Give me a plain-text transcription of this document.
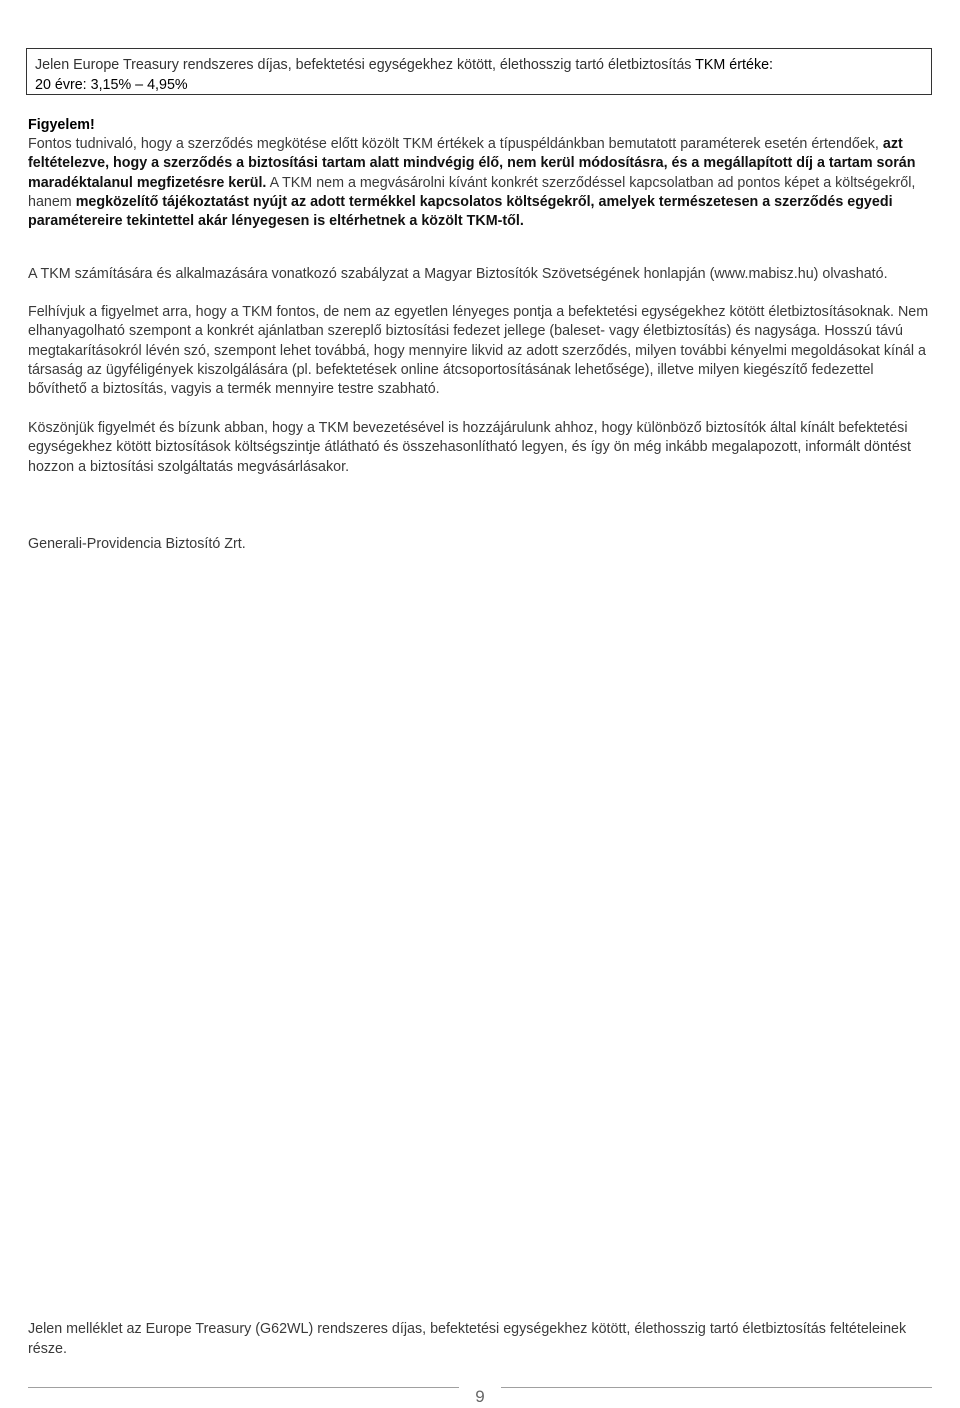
Jelen Europe Treasury rendszeres díjas, befektetési egységekhez kötött, élethosszig tartó életbiztosítás TKM értéke:
20 évre: 3,15% – 4,95%
Figyelem!
Fontos tudnivaló, hogy a szerződés megkötése előtt közölt TKM értékek a típuspéldánkban bemutatott paraméterek esetén értendőek, azt feltételezve, hogy a szerződés a biztosítási tartam alatt mindvégig élő, nem kerül módosításra, és a megállapított díj a tartam során maradéktalanul megfizetésre kerül. A TKM nem a megvásárolni kívánt konkrét szerződéssel kapcsolatban ad pontos képet a költségekről, hanem megközelítő tájékoztatást nyújt az adott termékkel kapcsolatos költségekről, amelyek természetesen a szerződés egyedi paramétereire tekintettel akár lényegesen is eltérhetnek a közölt TKM-től.
A TKM számítására és alkalmazására vonatkozó szabályzat a Magyar Biztosítók Szövetségének honlapján (www.mabisz.hu) olvasható.
Felhívjuk a figyelmet arra, hogy a TKM fontos, de nem az egyetlen lényeges pontja a befektetési egységekhez kötött életbiztosításoknak. Nem elhanyagolható szempont a konkrét ajánlatban szereplő biztosítási fedezet jellege (baleset- vagy életbiztosítás) és nagysága. Hosszú távú megtakarításokról lévén szó, szempont lehet továbbá, hogy mennyire likvid az adott szerződés, milyen további kényelmi megoldásokat kínál a társaság az ügyféligények kiszolgálására (pl. befektetések online átcsoportosításának lehetősége), illetve milyen kiegészítő fedezettel bővíthető a biztosítás, vagyis a termék mennyire testre szabható.
Köszönjük figyelmét és bízunk abban, hogy a TKM bevezetésével is hozzájárulunk ahhoz, hogy különböző biztosítók által kínált befektetési egységekhez kötött biztosítások költségszintje átlátható és összehasonlítható legyen, és így ön még inkább megalapozott, informált döntést hozzon a biztosítási szolgáltatás megvásárlásakor.
Generali-Providencia Biztosító Zrt.
Jelen melléklet az Europe Treasury (G62WL) rendszeres díjas, befektetési egységekhez kötött, élethosszig tartó életbiztosítás feltételeinek része.
9
